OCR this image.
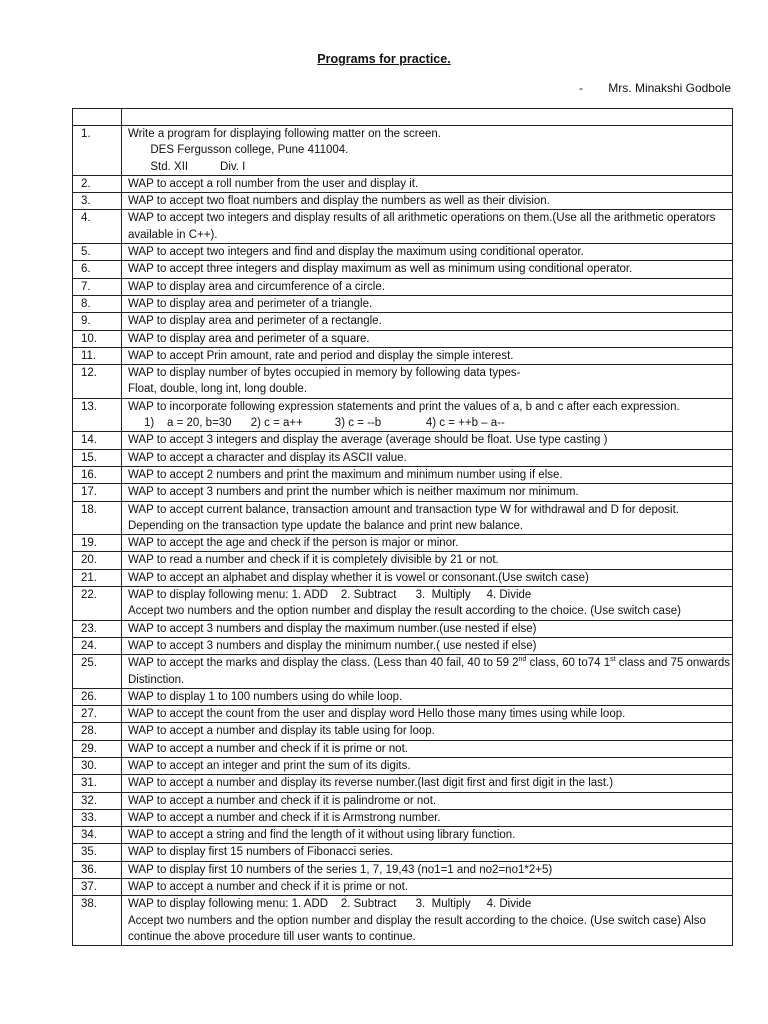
Programs for practice.
- Mrs. Minakshi Godbole

1.	Write a program for displaying following matter on the screen.
DES Fergusson college, Pune 411004.
Std. XII          Div. I
2.	WAP to accept a roll number from the user and display it.
3.	WAP to accept two float numbers and display the numbers as well as their division.
4.	WAP to accept two integers and display results of all arithmetic operations on them.(Use all the arithmetic operators available in C++).
5.	WAP to accept two integers and find and display the maximum using conditional operator.
6.	WAP to accept three integers and display maximum as well as minimum using conditional operator.
7.	WAP to display area and circumference of a circle.
8.	WAP to display area and perimeter of a triangle.
9.	WAP to display area and perimeter of a rectangle.
10.	WAP to display area and perimeter of a square.
11.	WAP to accept Prin amount, rate and period and display the simple interest.
12.	WAP to display number of bytes occupied in memory by following data types-
Float, double, long int, long double.
13.	WAP to incorporate following expression statements and print the values of a, b and c after each expression.
1)    a = 20, b=30      2) c = a++          3) c = --b              4) c = ++b – a--
14.	WAP to accept 3 integers and display the average (average should be float. Use type casting )
15.	WAP to accept a character and display its ASCII value.
16.	WAP to accept 2 numbers and print the maximum and minimum number using if else.
17.	WAP to accept 3 numbers and print the number which is neither maximum nor minimum.
18.	WAP to accept current balance, transaction amount and transaction type W for withdrawal and D for deposit. Depending on the transaction type update the balance and print new balance.
19.	WAP to accept the age and check if the person is major or minor.
20.	WAP to read a number and check if it is completely divisible by 21 or not.
21.	WAP to accept an alphabet and display whether it is vowel or consonant.(Use switch case)
22.	WAP to display following menu: 1. ADD    2. Subtract      3.  Multiply     4. Divide
Accept two numbers and the option number and display the result according to the choice. (Use switch case)
23.	WAP to accept 3 numbers and display the maximum number.(use nested if else)
24.	WAP to accept 3 numbers and display the minimum number.( use nested if else)
25.	WAP to accept the marks and display the class. (Less than 40 fail, 40 to 59 2nd class, 60 to74 1st class and 75 onwards Distinction.
26.	WAP to display 1 to 100 numbers using do while loop.
27.	WAP to accept the count from the user and display word Hello those many times using while loop.
28.	WAP to accept a number and display its table using for loop.
29.	WAP to accept a number and check if it is prime or not.
30.	WAP to accept an integer and print the sum of its digits.
31.	WAP to accept a number and display its reverse number.(last digit first and first digit in the last.)
32.	WAP to accept a number and check if it is palindrome or not.
33.	WAP to accept a number and check if it is Armstrong number.
34.	WAP to accept a string and find the length of it without using library function.
35.	WAP to display first 15 numbers of Fibonacci series.
36.	WAP to display first 10 numbers of the series 1, 7, 19,43 (no1=1 and no2=no1*2+5)
37.	WAP to accept a number and check if it is prime or not.
38.	WAP to display following menu: 1. ADD    2. Subtract      3.  Multiply     4. Divide
Accept two numbers and the option number and display the result according to the choice. (Use switch case) Also continue the above procedure till user wants to continue.
